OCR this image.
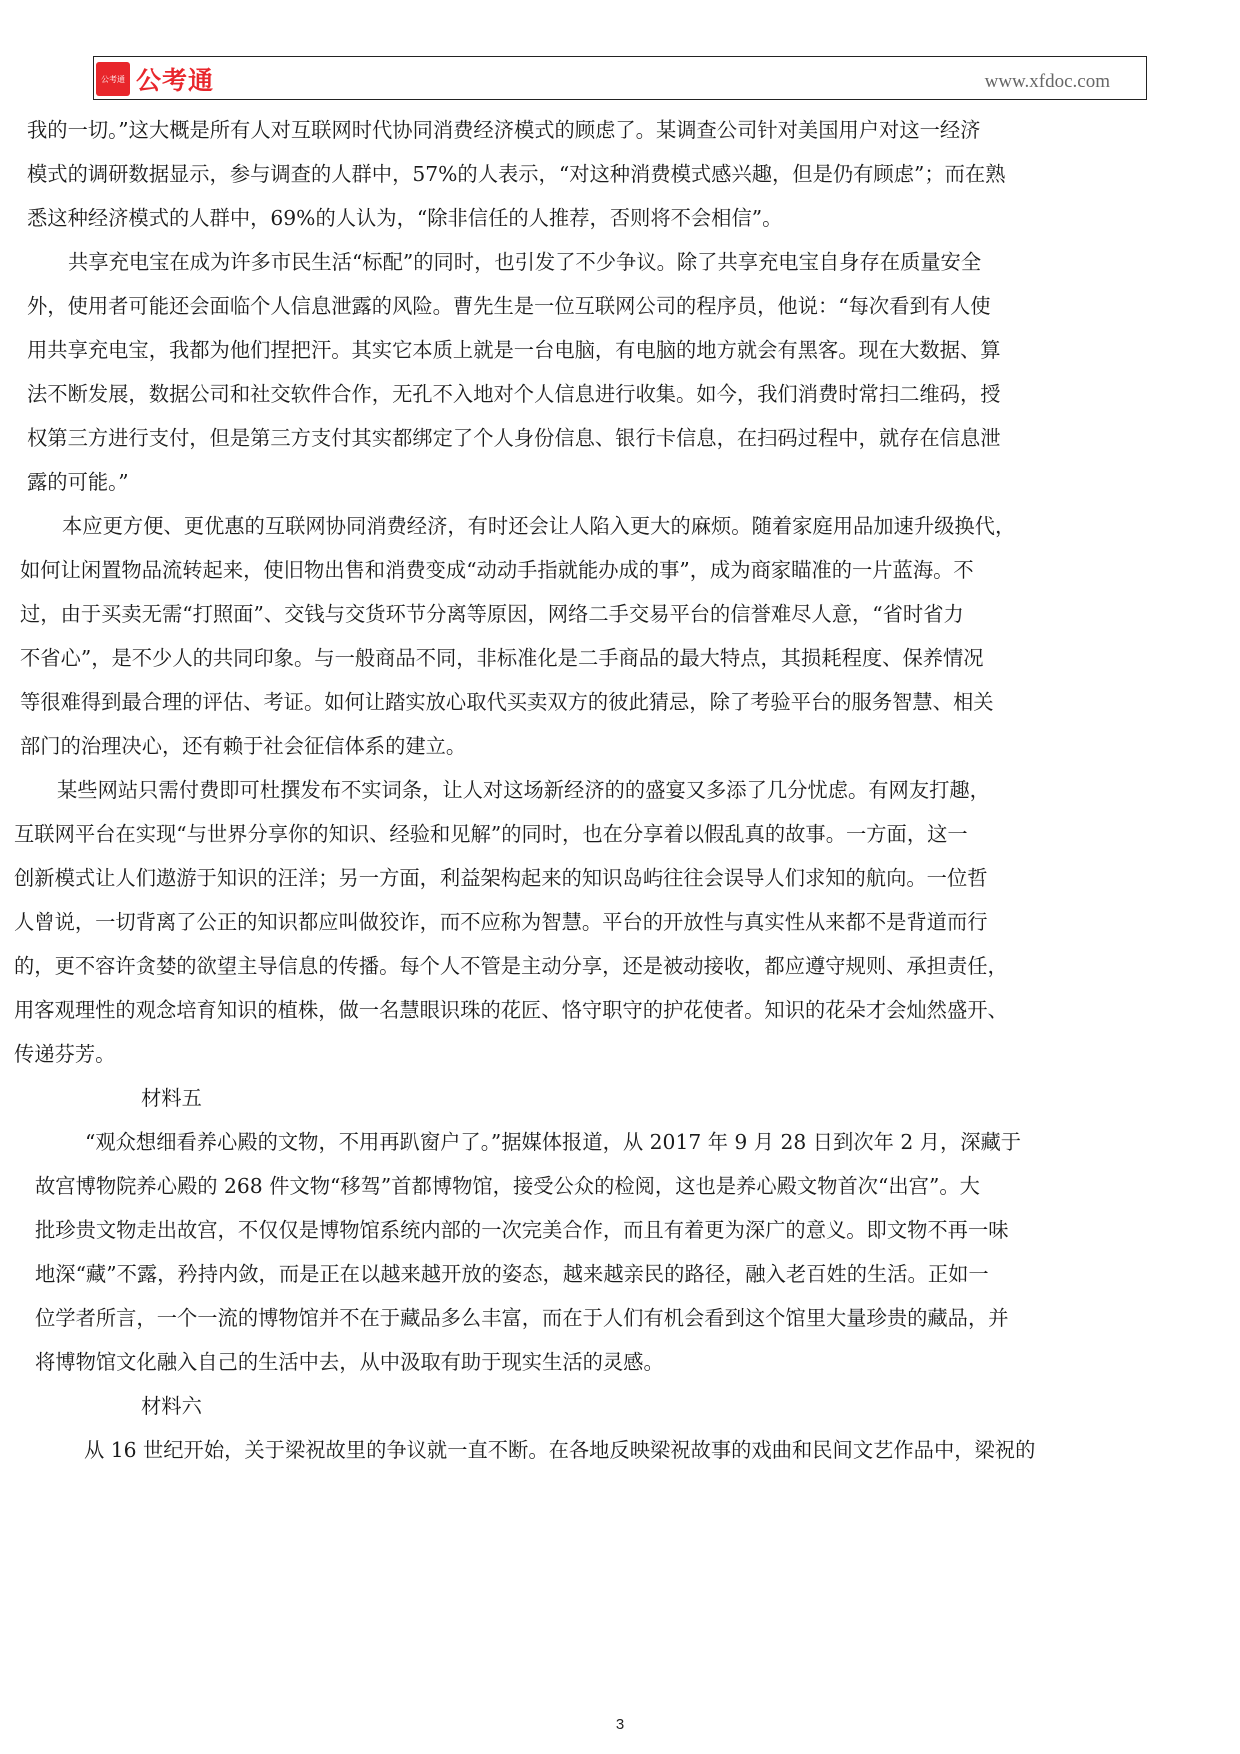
公考通 公考通	www.xfdoc.com
我的一切。”这大概是所有人对互联网时代协同消费经济模式的顾虑了。某调查公司针对美国用户对这一经济
模式的调研数据显示，参与调查的人群中，57%的人表示，“对这种消费模式感兴趣，但是仍有顾虑”；而在熟
悉这种经济模式的人群中，69%的人认为，“除非信任的人推荐，否则将不会相信”。
共享充电宝在成为许多市民生活“标配”的同时，也引发了不少争议。除了共享充电宝自身存在质量安全
外，使用者可能还会面临个人信息泄露的风险。曹先生是一位互联网公司的程序员，他说：“每次看到有人使
用共享充电宝，我都为他们捏把汗。其实它本质上就是一台电脑，有电脑的地方就会有黑客。现在大数据、算
法不断发展，数据公司和社交软件合作，无孔不入地对个人信息进行收集。如今，我们消费时常扫二维码，授
权第三方进行支付，但是第三方支付其实都绑定了个人身份信息、银行卡信息，在扫码过程中，就存在信息泄
露的可能。”
本应更方便、更优惠的互联网协同消费经济，有时还会让人陷入更大的麻烦。随着家庭用品加速升级换代，
如何让闲置物品流转起来，使旧物出售和消费变成“动动手指就能办成的事”，成为商家瞄准的一片蓝海。不
过，由于买卖无需“打照面”、交钱与交货环节分离等原因，网络二手交易平台的信誉难尽人意，“省时省力
不省心”，是不少人的共同印象。与一般商品不同，非标准化是二手商品的最大特点，其损耗程度、保养情况
等很难得到最合理的评估、考证。如何让踏实放心取代买卖双方的彼此猜忌，除了考验平台的服务智慧、相关
部门的治理决心，还有赖于社会征信体系的建立。
某些网站只需付费即可杜撰发布不实词条，让人对这场新经济的的盛宴又多添了几分忧虑。有网友打趣，
互联网平台在实现“与世界分享你的知识、经验和见解”的同时，也在分享着以假乱真的故事。一方面，这一
创新模式让人们遨游于知识的汪洋；另一方面，利益架构起来的知识岛屿往往会误导人们求知的航向。一位哲
人曾说，一切背离了公正的知识都应叫做狡诈，而不应称为智慧。平台的开放性与真实性从来都不是背道而行
的，更不容许贪婪的欲望主导信息的传播。每个人不管是主动分享，还是被动接收，都应遵守规则、承担责任，
用客观理性的观念培育知识的植株，做一名慧眼识珠的花匠、恪守职守的护花使者。知识的花朵才会灿然盛开、
传递芬芳。
材料五
“观众想细看养心殿的文物，不用再趴窗户了。”据媒体报道，从 2017 年 9 月 28 日到次年 2 月，深藏于
故宫博物院养心殿的 268 件文物“移驾”首都博物馆，接受公众的检阅，这也是养心殿文物首次“出宫”。大
批珍贵文物走出故宫，不仅仅是博物馆系统内部的一次完美合作，而且有着更为深广的意义。即文物不再一味
地深“藏”不露，矜持内敛，而是正在以越来越开放的姿态，越来越亲民的路径，融入老百姓的生活。正如一
位学者所言，一个一流的博物馆并不在于藏品多么丰富，而在于人们有机会看到这个馆里大量珍贵的藏品，并
将博物馆文化融入自己的生活中去，从中汲取有助于现实生活的灵感。
材料六
从 16 世纪开始，关于梁祝故里的争议就一直不断。在各地反映梁祝故事的戏曲和民间文艺作品中，梁祝的
3
